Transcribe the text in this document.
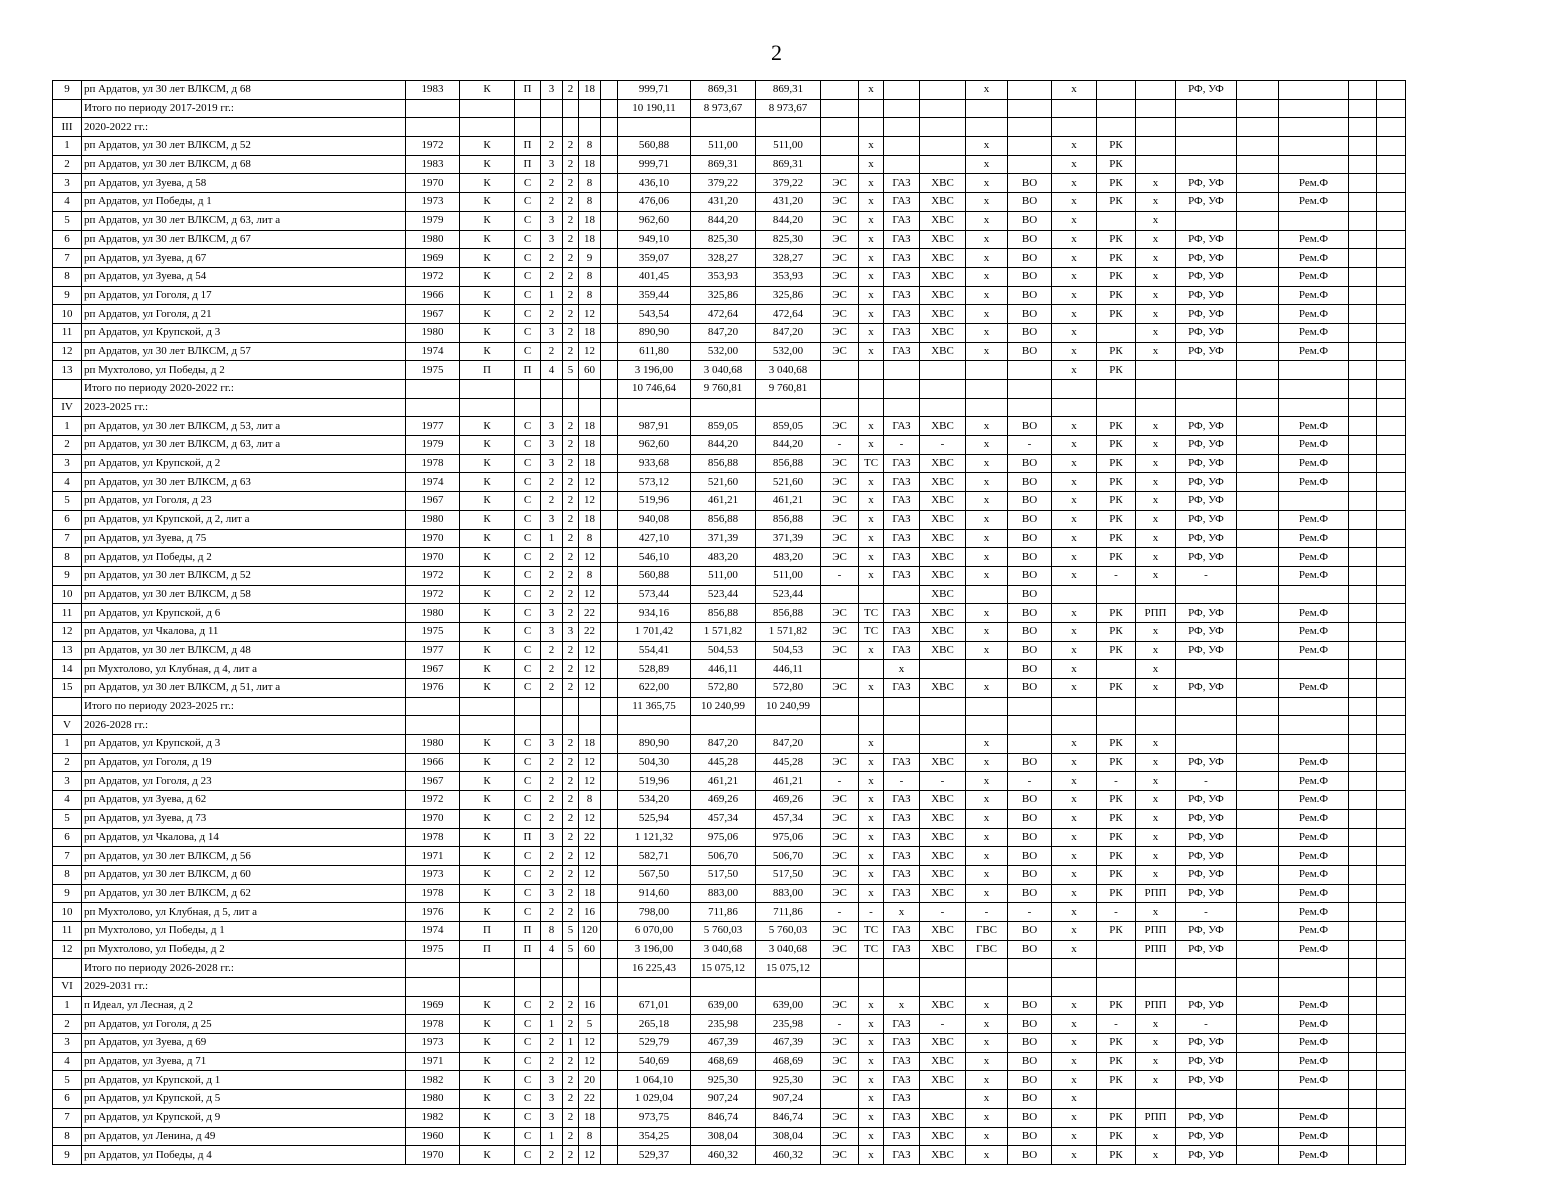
2
9	рп Ардатов, ул 30 лет ВЛКСМ, д 68	1983	К	П	3	2	18		999,71	869,31	869,31		х			х		х			РФ, УФ				
	Итого по периоду 2017-2019 гг.:								10 190,11	8 973,67	8 973,67														
III	2020-2022 гг.:																								
1	рп Ардатов, ул 30 лет ВЛКСМ, д 52	1972	К	П	2	2	8		560,88	511,00	511,00		х			х		х	РК						
2	рп Ардатов, ул 30 лет ВЛКСМ, д 68	1983	К	П	3	2	18		999,71	869,31	869,31		х			х		х	РК						
3	рп Ардатов, ул Зуева, д 58	1970	К	С	2	2	8		436,10	379,22	379,22	ЭС	х	ГАЗ	ХВС	х	ВО	х	РК	х	РФ, УФ		Рем.Ф		
4	рп Ардатов, ул Победы, д 1	1973	К	С	2	2	8		476,06	431,20	431,20	ЭС	х	ГАЗ	ХВС	х	ВО	х	РК	х	РФ, УФ		Рем.Ф		
5	рп Ардатов, ул 30 лет ВЛКСМ, д 63, лит а	1979	К	С	3	2	18		962,60	844,20	844,20	ЭС	х	ГАЗ	ХВС	х	ВО	х		х					
6	рп Ардатов, ул 30 лет ВЛКСМ, д 67	1980	К	С	3	2	18		949,10	825,30	825,30	ЭС	х	ГАЗ	ХВС	х	ВО	х	РК	х	РФ, УФ		Рем.Ф		
7	рп Ардатов, ул Зуева, д 67	1969	К	С	2	2	9		359,07	328,27	328,27	ЭС	х	ГАЗ	ХВС	х	ВО	х	РК	х	РФ, УФ		Рем.Ф		
8	рп Ардатов, ул Зуева, д 54	1972	К	С	2	2	8		401,45	353,93	353,93	ЭС	х	ГАЗ	ХВС	х	ВО	х	РК	х	РФ, УФ		Рем.Ф		
9	рп Ардатов, ул Гоголя, д 17	1966	К	С	1	2	8		359,44	325,86	325,86	ЭС	х	ГАЗ	ХВС	х	ВО	х	РК	х	РФ, УФ		Рем.Ф		
10	рп Ардатов, ул Гоголя, д 21	1967	К	С	2	2	12		543,54	472,64	472,64	ЭС	х	ГАЗ	ХВС	х	ВО	х	РК	х	РФ, УФ		Рем.Ф		
11	рп Ардатов, ул Крупской, д 3	1980	К	С	3	2	18		890,90	847,20	847,20	ЭС	х	ГАЗ	ХВС	х	ВО	х		х	РФ, УФ		Рем.Ф		
12	рп Ардатов, ул 30 лет ВЛКСМ, д 57	1974	К	С	2	2	12		611,80	532,00	532,00	ЭС	х	ГАЗ	ХВС	х	ВО	х	РК	х	РФ, УФ		Рем.Ф		
13	рп Мухтолово, ул Победы, д 2	1975	П	П	4	5	60		3 196,00	3 040,68	3 040,68							х	РК						
	Итого по периоду 2020-2022 гг.:								10 746,64	9 760,81	9 760,81														
IV	2023-2025 гг.:																								
1	рп Ардатов, ул 30 лет ВЛКСМ, д 53, лит а	1977	К	С	3	2	18		987,91	859,05	859,05	ЭС	х	ГАЗ	ХВС	х	ВО	х	РК	х	РФ, УФ		Рем.Ф		
2	рп Ардатов, ул 30 лет ВЛКСМ, д 63, лит а	1979	К	С	3	2	18		962,60	844,20	844,20	-	х	-	-	х	-	х	РК	х	РФ, УФ		Рем.Ф		
3	рп Ардатов, ул Крупской, д 2	1978	К	С	3	2	18		933,68	856,88	856,88	ЭС	ТС	ГАЗ	ХВС	х	ВО	х	РК	х	РФ, УФ		Рем.Ф		
4	рп Ардатов, ул 30 лет ВЛКСМ, д 63	1974	К	С	2	2	12		573,12	521,60	521,60	ЭС	х	ГАЗ	ХВС	х	ВО	х	РК	х	РФ, УФ		Рем.Ф		
5	рп Ардатов, ул Гоголя, д 23	1967	К	С	2	2	12		519,96	461,21	461,21	ЭС	х	ГАЗ	ХВС	х	ВО	х	РК	х	РФ, УФ				
6	рп Ардатов, ул Крупской, д 2, лит а	1980	К	С	3	2	18		940,08	856,88	856,88	ЭС	х	ГАЗ	ХВС	х	ВО	х	РК	х	РФ, УФ		Рем.Ф		
7	рп Ардатов, ул Зуева, д 75	1970	К	С	1	2	8		427,10	371,39	371,39	ЭС	х	ГАЗ	ХВС	х	ВО	х	РК	х	РФ, УФ		Рем.Ф		
8	рп Ардатов, ул Победы, д 2	1970	К	С	2	2	12		546,10	483,20	483,20	ЭС	х	ГАЗ	ХВС	х	ВО	х	РК	х	РФ, УФ		Рем.Ф		
9	рп Ардатов, ул 30 лет ВЛКСМ, д 52	1972	К	С	2	2	8		560,88	511,00	511,00	-	х	ГАЗ	ХВС	х	ВО	х	-	х	-		Рем.Ф		
10	рп Ардатов, ул 30 лет ВЛКСМ, д 58	1972	К	С	2	2	12		573,44	523,44	523,44				ХВС		ВО								
11	рп Ардатов, ул Крупской, д 6	1980	К	С	3	2	22		934,16	856,88	856,88	ЭС	ТС	ГАЗ	ХВС	х	ВО	х	РК	РПП	РФ, УФ		Рем.Ф		
12	рп Ардатов, ул Чкалова, д 11	1975	К	С	3	3	22		1 701,42	1 571,82	1 571,82	ЭС	ТС	ГАЗ	ХВС	х	ВО	х	РК	х	РФ, УФ		Рем.Ф		
13	рп Ардатов, ул 30 лет ВЛКСМ, д 48	1977	К	С	2	2	12		554,41	504,53	504,53	ЭС	х	ГАЗ	ХВС	х	ВО	х	РК	х	РФ, УФ		Рем.Ф		
14	рп Мухтолово, ул Клубная, д 4, лит а	1967	К	С	2	2	12		528,89	446,11	446,11			х			ВО	х		х					
15	рп Ардатов, ул 30 лет ВЛКСМ, д 51, лит а	1976	К	С	2	2	12		622,00	572,80	572,80	ЭС	х	ГАЗ	ХВС	х	ВО	х	РК	х	РФ, УФ		Рем.Ф		
	Итого по периоду 2023-2025 гг.:								11 365,75	10 240,99	10 240,99														
V	2026-2028 гг.:																								
1	рп Ардатов, ул Крупской, д 3	1980	К	С	3	2	18		890,90	847,20	847,20		х			х		х	РК	х					
2	рп Ардатов, ул Гоголя, д 19	1966	К	С	2	2	12		504,30	445,28	445,28	ЭС	х	ГАЗ	ХВС	х	ВО	х	РК	х	РФ, УФ		Рем.Ф		
3	рп Ардатов, ул Гоголя, д 23	1967	К	С	2	2	12		519,96	461,21	461,21	-	х	-	-	х	-	х	-	х	-		Рем.Ф		
4	рп Ардатов, ул Зуева, д 62	1972	К	С	2	2	8		534,20	469,26	469,26	ЭС	х	ГАЗ	ХВС	х	ВО	х	РК	х	РФ, УФ		Рем.Ф		
5	рп Ардатов, ул Зуева, д 73	1970	К	С	2	2	12		525,94	457,34	457,34	ЭС	х	ГАЗ	ХВС	х	ВО	х	РК	х	РФ, УФ		Рем.Ф		
6	рп Ардатов, ул Чкалова, д 14	1978	К	П	3	2	22		1 121,32	975,06	975,06	ЭС	х	ГАЗ	ХВС	х	ВО	х	РК	х	РФ, УФ		Рем.Ф		
7	рп Ардатов, ул 30 лет ВЛКСМ, д 56	1971	К	С	2	2	12		582,71	506,70	506,70	ЭС	х	ГАЗ	ХВС	х	ВО	х	РК	х	РФ, УФ		Рем.Ф		
8	рп Ардатов, ул 30 лет ВЛКСМ, д 60	1973	К	С	2	2	12		567,50	517,50	517,50	ЭС	х	ГАЗ	ХВС	х	ВО	х	РК	х	РФ, УФ		Рем.Ф		
9	рп Ардатов, ул 30 лет ВЛКСМ, д 62	1978	К	С	3	2	18		914,60	883,00	883,00	ЭС	х	ГАЗ	ХВС	х	ВО	х	РК	РПП	РФ, УФ		Рем.Ф		
10	рп Мухтолово, ул Клубная, д 5, лит а	1976	К	С	2	2	16		798,00	711,86	711,86	-	-	х	-	-	-	х	-	х	-		Рем.Ф		
11	рп Мухтолово, ул Победы, д 1	1974	П	П	8	5	120		6 070,00	5 760,03	5 760,03	ЭС	ТС	ГАЗ	ХВС	ГВС	ВО	х	РК	РПП	РФ, УФ		Рем.Ф		
12	рп Мухтолово, ул Победы, д 2	1975	П	П	4	5	60		3 196,00	3 040,68	3 040,68	ЭС	ТС	ГАЗ	ХВС	ГВС	ВО	х		РПП	РФ, УФ		Рем.Ф		
	Итого по периоду 2026-2028 гг.:								16 225,43	15 075,12	15 075,12														
VI	2029-2031 гг.:																								
1	п Идеал, ул Лесная, д 2	1969	К	С	2	2	16		671,01	639,00	639,00	ЭС	х	х	ХВС	х	ВО	х	РК	РПП	РФ, УФ		Рем.Ф		
2	рп Ардатов, ул Гоголя, д 25	1978	К	С	1	2	5		265,18	235,98	235,98	-	х	ГАЗ	-	х	ВО	х	-	х	-		Рем.Ф		
3	рп Ардатов, ул Зуева, д 69	1973	К	С	2	1	12		529,79	467,39	467,39	ЭС	х	ГАЗ	ХВС	х	ВО	х	РК	х	РФ, УФ		Рем.Ф		
4	рп Ардатов, ул Зуева, д 71	1971	К	С	2	2	12		540,69	468,69	468,69	ЭС	х	ГАЗ	ХВС	х	ВО	х	РК	х	РФ, УФ		Рем.Ф		
5	рп Ардатов, ул Крупской, д 1	1982	К	С	3	2	20		1 064,10	925,30	925,30	ЭС	х	ГАЗ	ХВС	х	ВО	х	РК	х	РФ, УФ		Рем.Ф		
6	рп Ардатов, ул Крупской, д 5	1980	К	С	3	2	22		1 029,04	907,24	907,24		х	ГАЗ		х	ВО	х							
7	рп Ардатов, ул Крупской, д 9	1982	К	С	3	2	18		973,75	846,74	846,74	ЭС	х	ГАЗ	ХВС	х	ВО	х	РК	РПП	РФ, УФ		Рем.Ф		
8	рп Ардатов, ул Ленина, д 49	1960	К	С	1	2	8		354,25	308,04	308,04	ЭС	х	ГАЗ	ХВС	х	ВО	х	РК	х	РФ, УФ		Рем.Ф		
9	рп Ардатов, ул Победы, д 4	1970	К	С	2	2	12		529,37	460,32	460,32	ЭС	х	ГАЗ	ХВС	х	ВО	х	РК	х	РФ, УФ		Рем.Ф		
